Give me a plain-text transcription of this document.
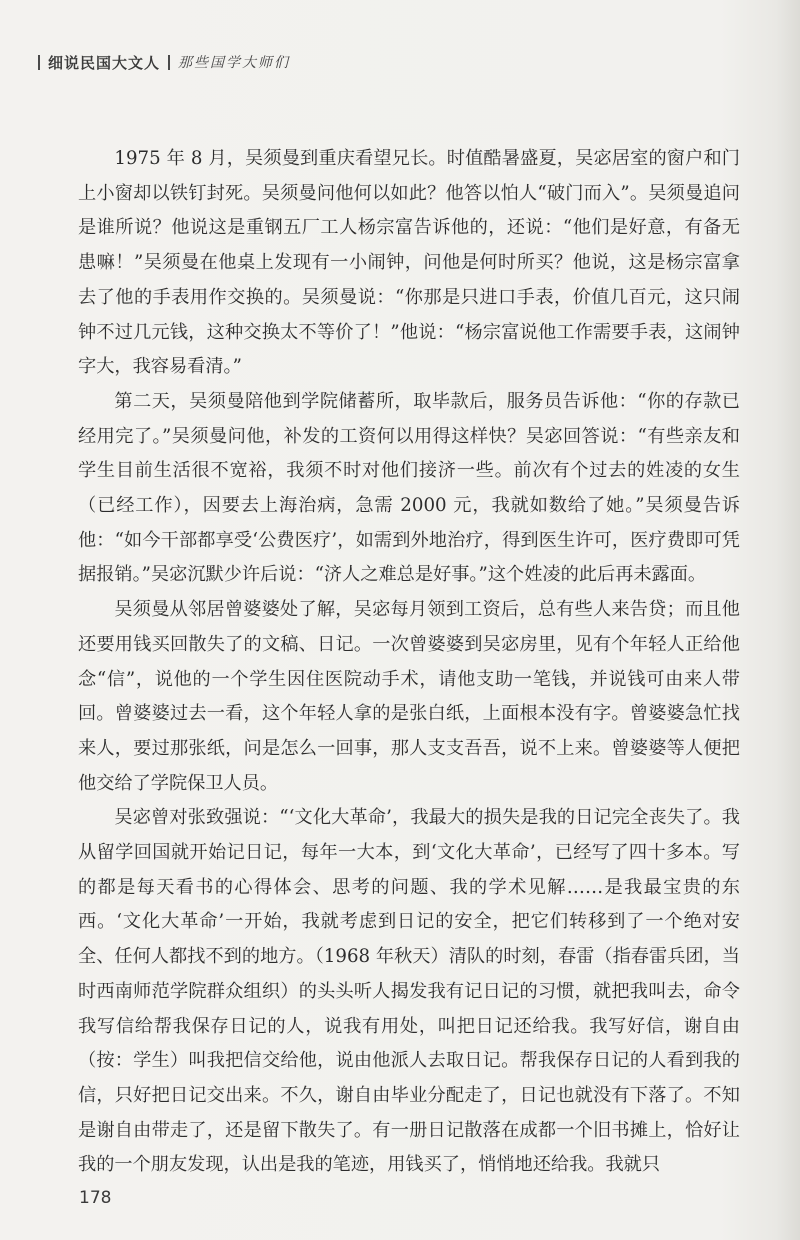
细说民国大文人 那些国学大师们

1975 年 8 月，吴须曼到重庆看望兄长。时值酷暑盛夏，吴宓居室的窗户和门上小窗却以铁钉封死。吴须曼问他何以如此？他答以怕人“破门而入”。吴须曼追问是谁所说？他说这是重钢五厂工人杨宗富告诉他的，还说：“他们是好意，有备无患嘛！”吴须曼在他桌上发现有一小闹钟，问他是何时所买？他说，这是杨宗富拿去了他的手表用作交换的。吴须曼说：“你那是只进口手表，价值几百元，这只闹钟不过几元钱，这种交换太不等价了！”他说：“杨宗富说他工作需要手表，这闹钟字大，我容易看清。”

第二天，吴须曼陪他到学院储蓄所，取毕款后，服务员告诉他：“你的存款已经用完了。”吴须曼问他，补发的工资何以用得这样快？吴宓回答说：“有些亲友和学生目前生活很不宽裕，我须不时对他们接济一些。前次有个过去的姓凌的女生（已经工作），因要去上海治病，急需 2000 元，我就如数给了她。”吴须曼告诉他：“如今干部都享受‘公费医疗’，如需到外地治疗，得到医生许可，医疗费即可凭据报销。”吴宓沉默少许后说：“济人之难总是好事。”这个姓凌的此后再未露面。

吴须曼从邻居曾婆婆处了解，吴宓每月领到工资后，总有些人来告贷；而且他还要用钱买回散失了的文稿、日记。一次曾婆婆到吴宓房里，见有个年轻人正给他念“信”，说他的一个学生因住医院动手术，请他支助一笔钱，并说钱可由来人带回。曾婆婆过去一看，这个年轻人拿的是张白纸，上面根本没有字。曾婆婆急忙找来人，要过那张纸，问是怎么一回事，那人支支吾吾，说不上来。曾婆婆等人便把他交给了学院保卫人员。

吴宓曾对张致强说：“‘文化大革命’，我最大的损失是我的日记完全丧失了。我从留学回国就开始记日记，每年一大本，到‘文化大革命’，已经写了四十多本。写的都是每天看书的心得体会、思考的问题、我的学术见解……是我最宝贵的东西。‘文化大革命’一开始，我就考虑到日记的安全，把它们转移到了一个绝对安全、任何人都找不到的地方。（1968 年秋天）清队的时刻，春雷（指春雷兵团，当时西南师范学院群众组织）的头头听人揭发我有记日记的习惯，就把我叫去，命令我写信给帮我保存日记的人，说我有用处，叫把日记还给我。我写好信，谢自由（按：学生）叫我把信交给他，说由他派人去取日记。帮我保存日记的人看到我的信，只好把日记交出来。不久，谢自由毕业分配走了，日记也就没有下落了。不知是谢自由带走了，还是留下散失了。有一册日记散落在成都一个旧书摊上，恰好让我的一个朋友发现，认出是我的笔迹，用钱买了，悄悄地还给我。我就只

178
